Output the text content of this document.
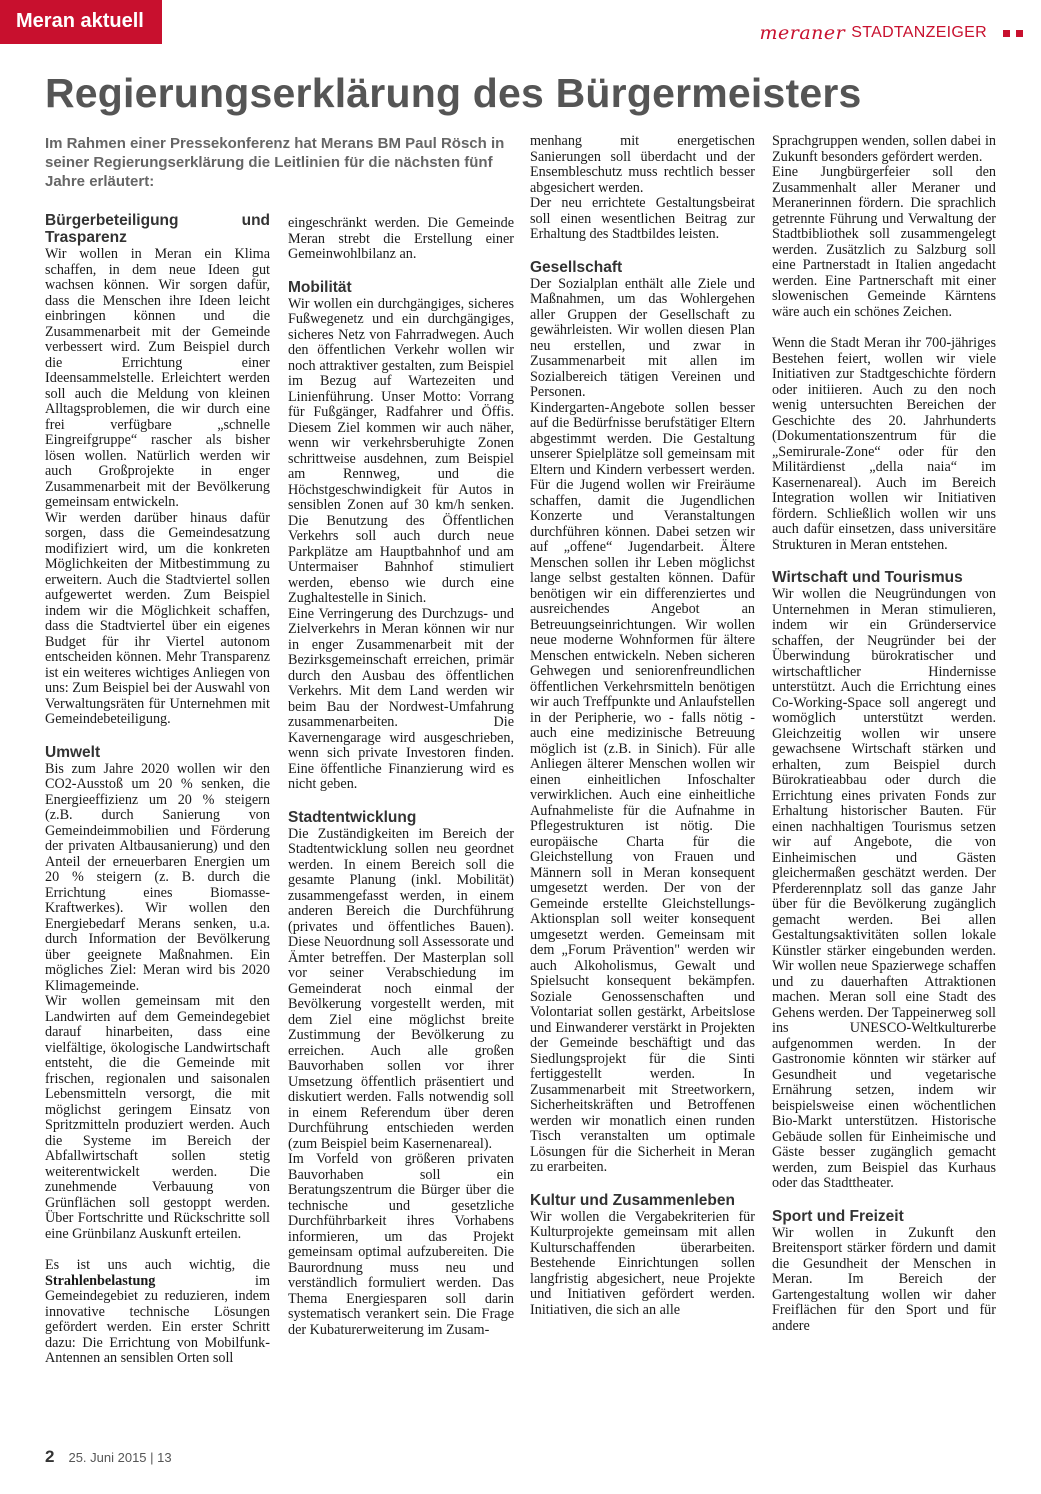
Meran aktuell
meraner STADTANZEIGER
Regierungserklärung des Bürgermeisters
Im Rahmen einer Pressekonferenz hat Merans BM Paul Rösch in seiner Regierungserklärung die Leitlinien für die nächsten fünf Jahre erläutert:
Bürgerbeteiligung und Trasparenz

Wir wollen in Meran ein Klima schaffen, in dem neue Ideen gut wachsen können. Wir sorgen dafür, dass die Menschen ihre Ideen leicht einbringen können und die Zusammenarbeit mit der Gemeinde verbessert wird. Zum Beispiel durch die Errichtung einer Ideensammelstelle. Erleichtert werden soll auch die Meldung von kleinen Alltagsproblemen, die wir durch eine frei verfügbare „schnelle Eingreifgruppe“ rascher als bisher lösen wollen. Natürlich werden wir auch Großprojekte in enger Zusammenarbeit mit der Bevölkerung gemeinsam entwickeln.

Wir werden darüber hinaus dafür sorgen, dass die Gemeindesatzung modifiziert wird, um die konkreten Möglichkeiten der Mitbestimmung zu erweitern. Auch die Stadtviertel sollen aufgewertet werden. Zum Beispiel indem wir die Möglichkeit schaffen, dass die Stadtviertel über ein eigenes Budget für ihr Viertel autonom entscheiden können. Mehr Transparenz ist ein weiteres wichtiges Anliegen von uns: Zum Beispiel bei der Auswahl von Verwaltungsräten für Unternehmen mit Gemeindebeteiligung.

Umwelt

Bis zum Jahre 2020 wollen wir den CO2-Ausstoß um 20 % senken, die Energieeffizienz um 20 % steigern (z.B. durch Sanierung von Gemeindeimmobilien und Förderung der privaten Altbausanierung) und den Anteil der erneuerbaren Energien um 20 % steigern (z. B. durch die Errichtung eines Biomasse-Kraftwerkes). Wir wollen den Energiebedarf Merans senken, u.a. durch Information der Bevölkerung über geeignete Maßnahmen. Ein mögliches Ziel: Meran wird bis 2020 Klimagemeinde.

Wir wollen gemeinsam mit den Landwirten auf dem Gemeindegebiet darauf hinarbeiten, dass eine vielfältige, ökologische Landwirtschaft entsteht, die die Gemeinde mit frischen, regionalen und saisonalen Lebensmitteln versorgt, die mit möglichst geringem Einsatz von Spritzmitteln produziert werden. Auch die Systeme im Bereich der Abfallwirtschaft sollen stetig weiterentwickelt werden. Die zunehmende Verbauung von Grünflächen soll gestoppt werden. Über Fortschritte und Rückschritte soll eine Grünbilanz Auskunft erteilen.

Es ist uns auch wichtig, die Strahlenbelastung im Gemeindegebiet zu reduzieren, indem innovative technische Lösungen gefördert werden. Ein erster Schritt dazu: Die Errichtung von Mobilfunk-Antennen an sensiblen Orten soll

eingeschränkt werden. Die Gemeinde Meran strebt die Erstellung einer Gemeinwohlbilanz an.

Mobilität

Wir wollen ein durchgängiges, sicheres Fußwegenetz und ein durchgängiges, sicheres Netz von Fahrradwegen. Auch den öffentlichen Verkehr wollen wir noch attraktiver gestalten, zum Beispiel im Bezug auf Wartezeiten und Linienführung. Unser Motto: Vorrang für Fußgänger, Radfahrer und Öffis. Diesem Ziel kommen wir auch näher, wenn wir verkehrsberuhigte Zonen schrittweise ausdehnen, zum Beispiel am Rennweg, und die Höchstgeschwindigkeit für Autos in sensiblen Zonen auf 30 km/h senken. Die Benutzung des Öffentlichen Verkehrs soll auch durch neue Parkplätze am Hauptbahnhof und am Untermaiser Bahnhof stimuliert werden, ebenso wie durch eine Zughaltestelle in Sinich.

Eine Verringerung des Durchzugs- und Zielverkehrs in Meran können wir nur in enger Zusammenarbeit mit der Bezirksgemeinschaft erreichen, primär durch den Ausbau des öffentlichen Verkehrs. Mit dem Land werden wir beim Bau der Nordwest-Umfahrung zusammenarbeiten. Die Kavernengarage wird ausgeschrieben, wenn sich private Investoren finden. Eine öffentliche Finanzierung wird es nicht geben.

Stadtentwicklung

Die Zuständigkeiten im Bereich der Stadtentwicklung sollen neu geordnet werden. In einem Bereich soll die gesamte Planung (inkl. Mobilität) zusammengefasst werden, in einem anderen Bereich die Durchführung (privates und öffentliches Bauen). Diese Neuordnung soll Assessorate und Ämter betreffen. Der Masterplan soll vor seiner Verabschiedung im Gemeinderat noch einmal der Bevölkerung vorgestellt werden, mit dem Ziel eine möglichst breite Zustimmung der Bevölkerung zu erreichen. Auch alle großen Bauvorhaben sollen vor ihrer Umsetzung öffentlich präsentiert und diskutiert werden. Falls notwendig soll in einem Referendum über deren Durchführung entschieden werden (zum Beispiel beim Kasernenareal).

Im Vorfeld von größeren privaten Bauvorhaben soll ein Beratungszentrum die Bürger über die technische und gesetzliche Durchführbarkeit ihres Vorhabens informieren, um das Projekt gemeinsam optimal aufzubereiten. Die Baurordnung muss neu und verständlich formuliert werden. Das Thema Energiesparen soll darin systematisch verankert sein. Die Frage der Kubaturerweiterung im Zusam-

menhang mit energetischen Sanierungen soll überdacht und der Ensembleschutz muss rechtlich besser abgesichert werden.

Der neu errichtete Gestaltungsbeirat soll einen wesentlichen Beitrag zur Erhaltung des Stadtbildes leisten.

Gesellschaft

Der Sozialplan enthält alle Ziele und Maßnahmen, um das Wohlergehen aller Gruppen der Gesellschaft zu gewährleisten. Wir wollen diesen Plan neu erstellen, und zwar in Zusammenarbeit mit allen im Sozialbereich tätigen Vereinen und Personen.

Kindergarten-Angebote sollen besser auf die Bedürfnisse berufstätiger Eltern abgestimmt werden. Die Gestaltung unserer Spielplätze soll gemeinsam mit Eltern und Kindern verbessert werden. Für die Jugend wollen wir Freiräume schaffen, damit die Jugendlichen Konzerte und Veranstaltungen durchführen können. Dabei setzen wir auf „offene“ Jugendarbeit. Ältere Menschen sollen ihr Leben möglichst lange selbst gestalten können. Dafür benötigen wir ein differenziertes und ausreichendes Angebot an Betreuungseinrichtungen. Wir wollen neue moderne Wohnformen für ältere Menschen entwickeln. Neben sicheren Gehwegen und seniorenfreundlichen öffentlichen Verkehrsmitteln benötigen wir auch Treffpunkte und Anlaufstellen in der Peripherie, wo - falls nötig - auch eine medizinische Betreuung möglich ist (z.B. in Sinich). Für alle Anliegen älterer Menschen wollen wir einen einheitlichen Infoschalter verwirklichen. Auch eine einheitliche Aufnahmeliste für die Aufnahme in Pflegestrukturen ist nötig. Die europäische Charta für die Gleichstellung von Frauen und Männern soll in Meran konsequent umgesetzt werden. Der von der Gemeinde erstellte Gleichstellungs-Aktionsplan soll weiter konsequent umgesetzt werden. Gemeinsam mit dem „Forum Prävention" werden wir auch Alkoholismus, Gewalt und Spielsucht konsequent bekämpfen. Soziale Genossenschaften und Volontariat sollen gestärkt, Arbeitslose und Einwanderer verstärkt in Projekten der Gemeinde beschäftigt und das Siedlungsprojekt für die Sinti fertiggestellt werden. In Zusammenarbeit mit Streetworkern, Sicherheitskräften und Betroffenen werden wir monatlich einen runden Tisch veranstalten um optimale Lösungen für die Sicherheit in Meran zu erarbeiten.

Kultur und Zusammenleben

Wir wollen die Vergabekriterien für Kulturprojekte gemeinsam mit allen Kulturschaffenden überarbeiten. Bestehende Einrichtungen sollen langfristig abgesichert, neue Projekte und Initiativen gefördert werden. Initiativen, die sich an alle

Sprachgruppen wenden, sollen dabei in Zukunft besonders gefördert werden.

Eine Jungbürgerfeier soll den Zusammenhalt aller Meraner und Meranerinnen fördern. Die sprachlich getrennte Führung und Verwaltung der Stadtbibliothek soll zusammengelegt werden. Zusätzlich zu Salzburg soll eine Partnerstadt in Italien angedacht werden. Eine Partnerschaft mit einer slowenischen Gemeinde Kärntens wäre auch ein schönes Zeichen.

Wenn die Stadt Meran ihr 700-jähriges Bestehen feiert, wollen wir viele Initiativen zur Stadtgeschichte fördern oder initiieren. Auch zu den noch wenig untersuchten Bereichen der Geschichte des 20. Jahrhunderts (Dokumentationszentrum für die „Semirurale-Zone“ oder für den Militärdienst „della naia“ im Kasernenareal). Auch im Bereich Integration wollen wir Initiativen fördern. Schließlich wollen wir uns auch dafür einsetzen, dass universitäre Strukturen in Meran entstehen.

Wirtschaft und Tourismus

Wir wollen die Neugründungen von Unternehmen in Meran stimulieren, indem wir ein Gründerservice schaffen, der Neugründer bei der Überwindung bürokratischer und wirtschaftlicher Hindernisse unterstützt. Auch die Errichtung eines Co-Working-Space soll angeregt und womöglich unterstützt werden. Gleichzeitig wollen wir unsere gewachsene Wirtschaft stärken und erhalten, zum Beispiel durch Bürokratieabbau oder durch die Errichtung eines privaten Fonds zur Erhaltung historischer Bauten. Für einen nachhaltigen Tourismus setzen wir auf Angebote, die von Einheimischen und Gästen gleichermaßen geschätzt werden. Der Pferderennplatz soll das ganze Jahr über für die Bevölkerung zugänglich gemacht werden. Bei allen Gestaltungsaktivitäten sollen lokale Künstler stärker eingebunden werden. Wir wollen neue Spazierwege schaffen und zu dauerhaften Attraktionen machen. Meran soll eine Stadt des Gehens werden. Der Tappeinerweg soll ins UNESCO-Weltkulturerbe aufgenommen werden. In der Gastronomie könnten wir stärker auf Gesundheit und vegetarische Ernährung setzen, indem wir beispielsweise einen wöchentlichen Bio-Markt unterstützen. Historische Gebäude sollen für Einheimische und Gäste besser zugänglich gemacht werden, zum Beispiel das Kurhaus oder das Stadttheater.

Sport und Freizeit

Wir wollen in Zukunft den Breitensport stärker fördern und damit die Gesundheit der Menschen in Meran. Im Bereich der Gartengestaltung wollen wir daher Freiflächen für den Sport und für andere

2 25. Juni 2015 | 13
